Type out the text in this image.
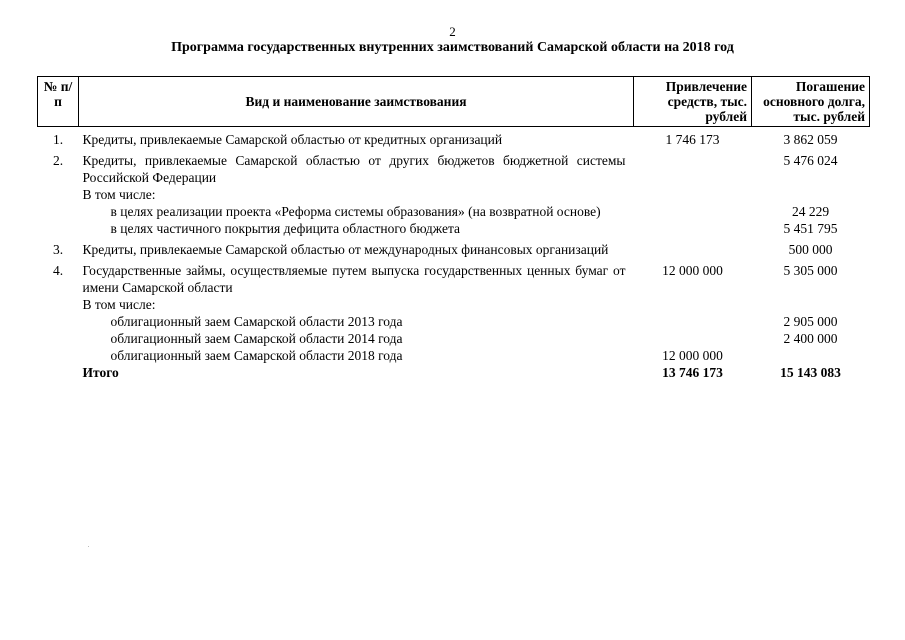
2
Программа государственных внутренних заимствований Самарской области на 2018 год
№ п/п	Вид и наименование заимствования	Привлечение средств, тыс. рублей	Погашение основного долга, тыс. рублей
1.	Кредиты, привлекаемые Самарской областью от кредитных организаций	1 746 173	3 862 059
2.	Кредиты, привлекаемые Самарской областью от других бюджетов бюджетной системы Российской Федерации		5 476 024
	В том числе:		
	в целях реализации проекта «Реформа системы образования» (на возвратной основе)		24 229
	в целях частичного покрытия дефицита областного бюджета		5 451 795
3.	Кредиты, привлекаемые Самарской областью от международных финансовых организаций		500 000
4.	Государственные займы, осуществляемые путем выпуска государственных ценных бумаг от имени Самарской области	12 000 000	5 305 000
	В том числе:		
	облигационный заем Самарской области 2013 года		2 905 000
	облигационный заем Самарской области 2014 года		2 400 000
	облигационный заем Самарской области 2018 года	12 000 000	
	Итого	13 746 173	15 143 083
